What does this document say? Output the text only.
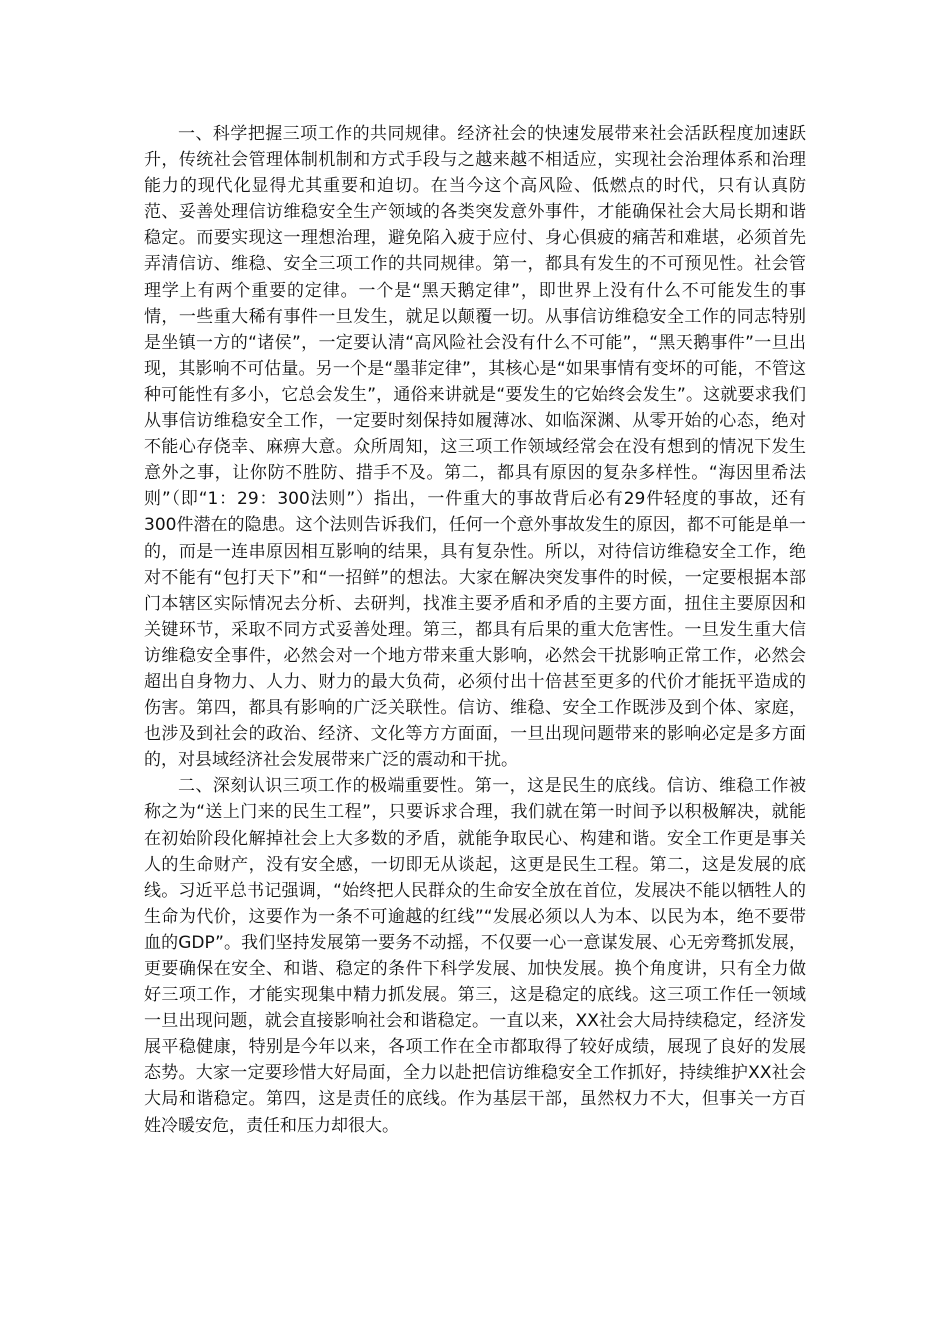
一、科学把握三项工作的共同规律。经济社会的快速发展带来社会活跃程度加速跃升，传统社会管理体制机制和方式手段与之越来越不相适应，实现社会治理体系和治理能力的现代化显得尤其重要和迫切。在当今这个高风险、低燃点的时代，只有认真防范、妥善处理信访维稳安全生产领域的各类突发意外事件，才能确保社会大局长期和谐稳定。而要实现这一理想治理，避免陷入疲于应付、身心俱疲的痛苦和难堪，必须首先弄清信访、维稳、安全三项工作的共同规律。第一，都具有发生的不可预见性。社会管理学上有两个重要的定律。一个是“黑天鹅定律”，即世界上没有什么不可能发生的事情，一些重大稀有事件一旦发生，就足以颠覆一切。从事信访维稳安全工作的同志特别是坐镇一方的“诸侯”，一定要认清“高风险社会没有什么不可能”，“黑天鹅事件”一旦出现，其影响不可估量。另一个是“墨菲定律”，其核心是“如果事情有变坏的可能，不管这种可能性有多小，它总会发生”，通俗来讲就是“要发生的它始终会发生”。这就要求我们从事信访维稳安全工作，一定要时刻保持如履薄冰、如临深渊、从零开始的心态，绝对不能心存侥幸、麻痹大意。众所周知，这三项工作领域经常会在没有想到的情况下发生意外之事，让你防不胜防、措手不及。第二，都具有原因的复杂多样性。“海因里希法则”（即“1：29：300法则”）指出，一件重大的事故背后必有29件轻度的事故，还有300件潜在的隐患。这个法则告诉我们，任何一个意外事故发生的原因，都不可能是单一的，而是一连串原因相互影响的结果，具有复杂性。所以，对待信访维稳安全工作，绝对不能有“包打天下”和“一招鲜”的想法。大家在解决突发事件的时候，一定要根据本部门本辖区实际情况去分析、去研判，找准主要矛盾和矛盾的主要方面，扭住主要原因和关键环节，采取不同方式妥善处理。第三，都具有后果的重大危害性。一旦发生重大信访维稳安全事件，必然会对一个地方带来重大影响，必然会干扰影响正常工作，必然会超出自身物力、人力、财力的最大负荷，必须付出十倍甚至更多的代价才能抚平造成的伤害。第四，都具有影响的广泛关联性。信访、维稳、安全工作既涉及到个体、家庭，也涉及到社会的政治、经济、文化等方方面面，一旦出现问题带来的影响必定是多方面的，对县域经济社会发展带来广泛的震动和干扰。

二、深刻认识三项工作的极端重要性。第一，这是民生的底线。信访、维稳工作被称之为“送上门来的民生工程”，只要诉求合理，我们就在第一时间予以积极解决，就能在初始阶段化解掉社会上大多数的矛盾，就能争取民心、构建和谐。安全工作更是事关人的生命财产，没有安全感，一切即无从谈起，这更是民生工程。第二，这是发展的底线。习近平总书记强调，“始终把人民群众的生命安全放在首位，发展决不能以牺牲人的生命为代价，这要作为一条不可逾越的红线”“发展必须以人为本、以民为本，绝不要带血的GDP”。我们坚持发展第一要务不动摇，不仅要一心一意谋发展、心无旁骛抓发展，更要确保在安全、和谐、稳定的条件下科学发展、加快发展。换个角度讲，只有全力做好三项工作，才能实现集中精力抓发展。第三，这是稳定的底线。这三项工作任一领域一旦出现问题，就会直接影响社会和谐稳定。一直以来，XX社会大局持续稳定，经济发展平稳健康，特别是今年以来，各项工作在全市都取得了较好成绩，展现了良好的发展态势。大家一定要珍惜大好局面，全力以赴把信访维稳安全工作抓好，持续维护XX社会大局和谐稳定。第四，这是责任的底线。作为基层干部，虽然权力不大，但事关一方百姓冷暖安危，责任和压力却很大。
